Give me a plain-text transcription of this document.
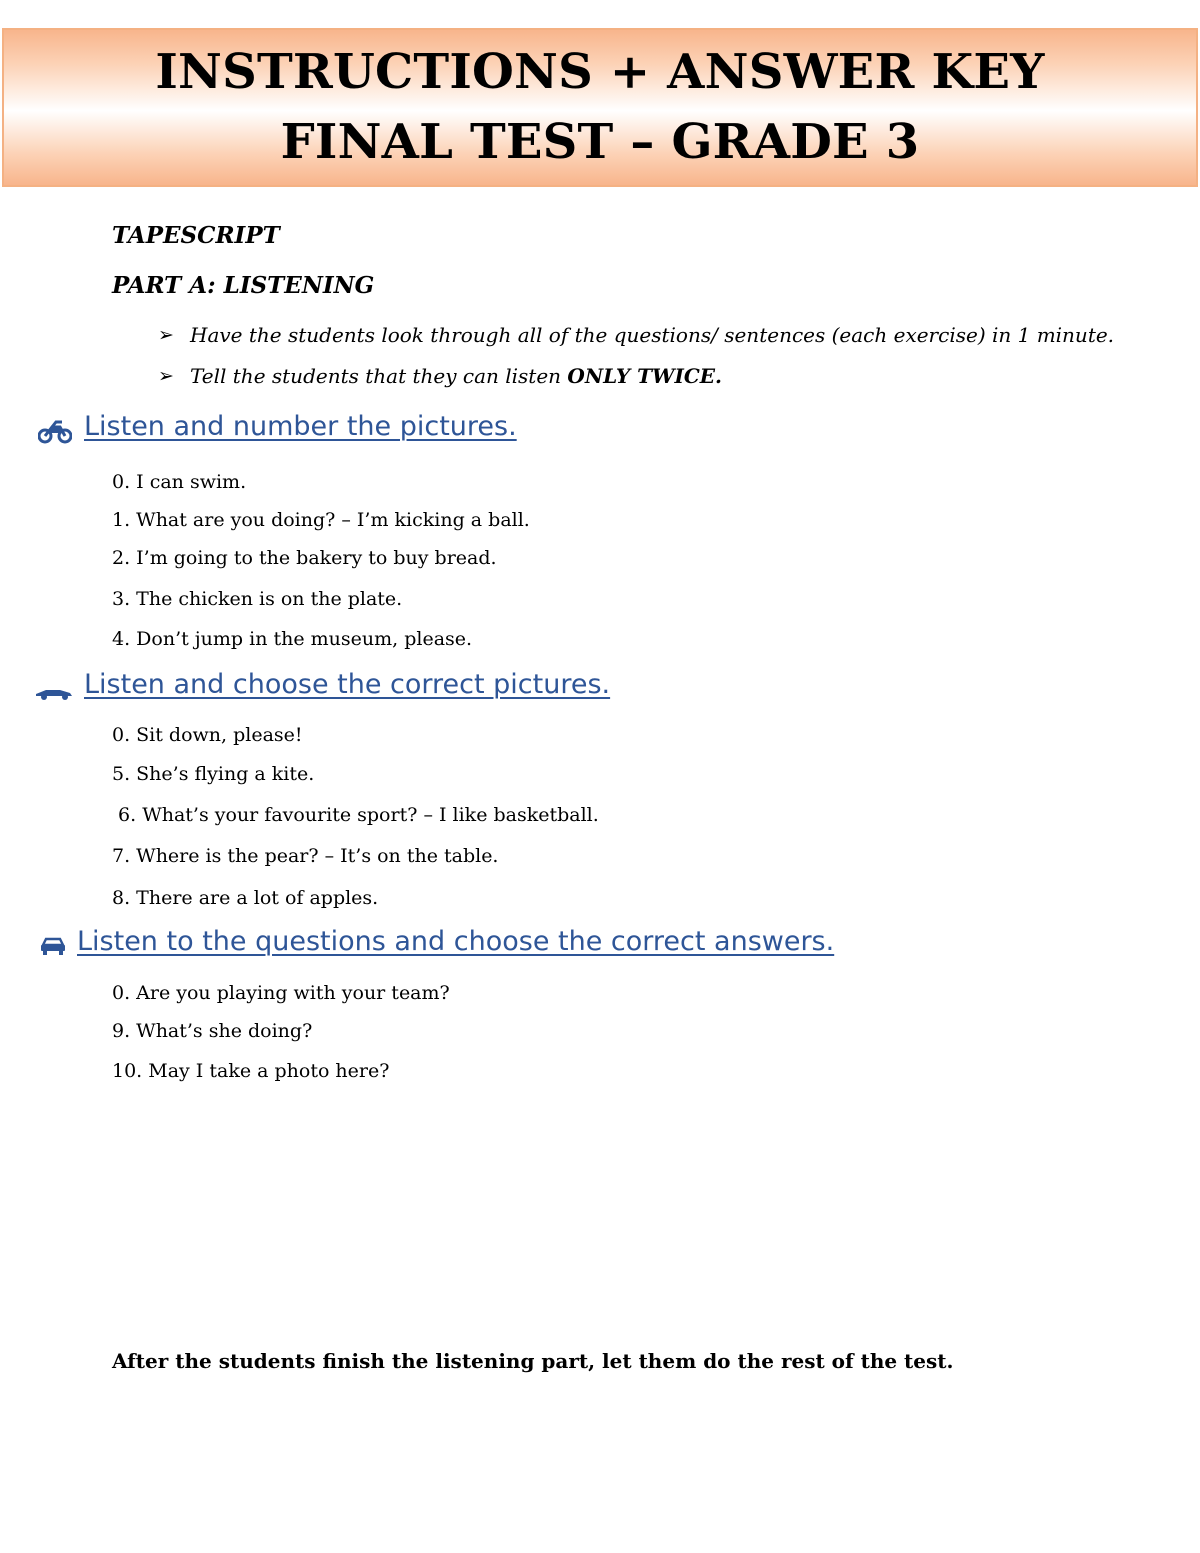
INSTRUCTIONS + ANSWER KEY
FINAL TEST – GRADE 3
TAPESCRIPT
PART A: LISTENING
➢ Have the students look through all of the questions/ sentences (each exercise) in 1 minute.
➢ Tell the students that they can listen ONLY TWICE.
Listen and number the pictures.
0. I can swim.
1. What are you doing? – I’m kicking a ball.
2. I’m going to the bakery to buy bread.
3. The chicken is on the plate.
4. Don’t jump in the museum, please.
Listen and choose the correct pictures.
0. Sit down, please!
5. She’s flying a kite.
6. What’s your favourite sport? – I like basketball.
7. Where is the pear? – It’s on the table.
8. There are a lot of apples.
Listen to the questions and choose the correct answers.
0. Are you playing with your team?
9. What’s she doing?
10. May I take a photo here?
After the students finish the listening part, let them do the rest of the test.
